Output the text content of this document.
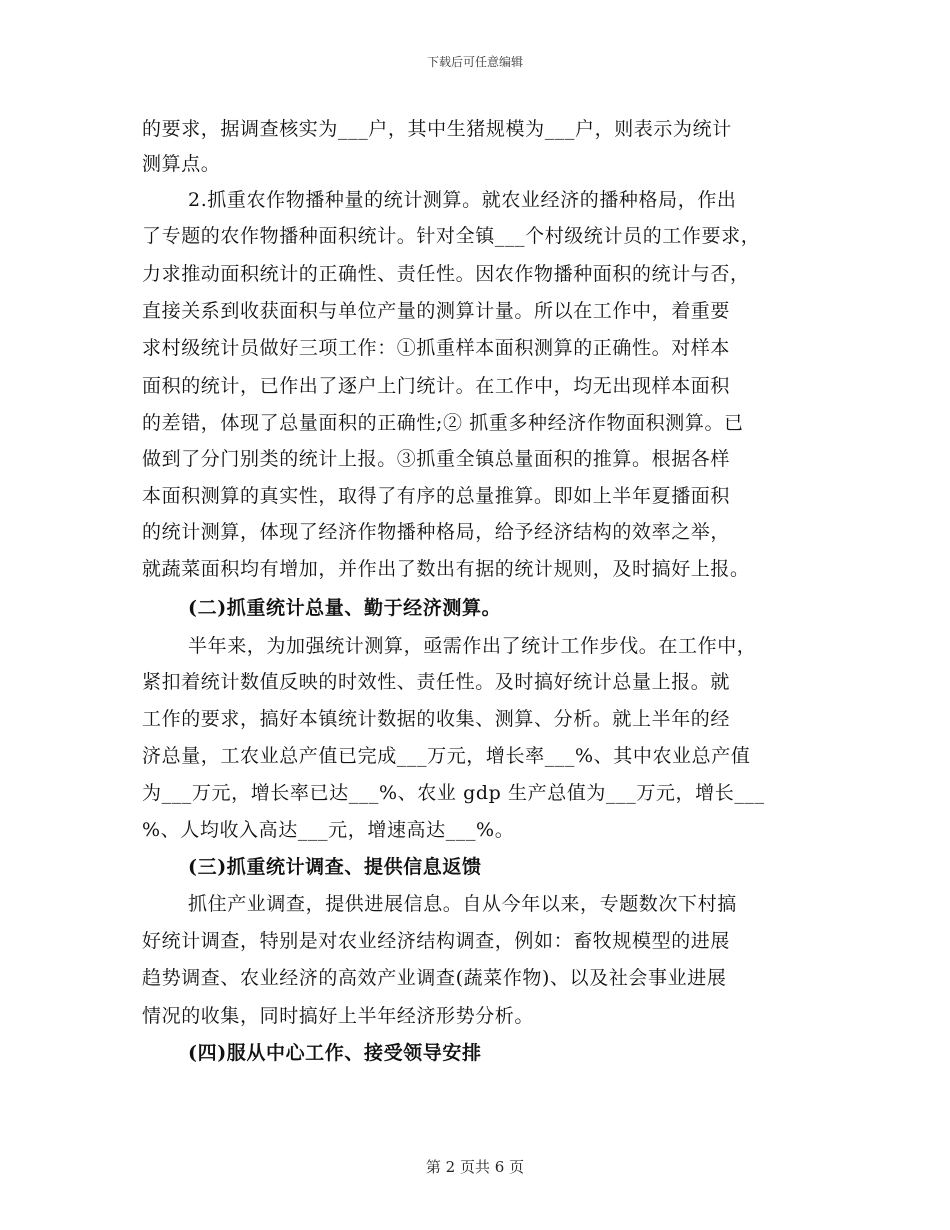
下载后可任意编辑
的要求，据调查核实为___户，其中生猪规模为___户，则表示为统计
测算点。
2.抓重农作物播种量的统计测算。就农业经济的播种格局，作出
了专题的农作物播种面积统计。针对全镇___个村级统计员的工作要求，
力求推动面积统计的正确性、责任性。因农作物播种面积的统计与否，
直接关系到收获面积与单位产量的测算计量。所以在工作中，着重要
求村级统计员做好三项工作：①抓重样本面积测算的正确性。对样本
面积的统计，已作出了逐户上门统计。在工作中，均无出现样本面积
的差错，体现了总量面积的正确性;② 抓重多种经济作物面积测算。已
做到了分门别类的统计上报。③抓重全镇总量面积的推算。根据各样
本面积测算的真实性，取得了有序的总量推算。即如上半年夏播面积
的统计测算，体现了经济作物播种格局，给予经济结构的效率之举，
就蔬菜面积均有增加，并作出了数出有据的统计规则，及时搞好上报。
(二)抓重统计总量、勤于经济测算。
半年来，为加强统计测算，亟需作出了统计工作步伐。在工作中，
紧扣着统计数值反映的时效性、责任性。及时搞好统计总量上报。就
工作的要求，搞好本镇统计数据的收集、测算、分析。就上半年的经
济总量，工农业总产值已完成___万元，增长率___%、其中农业总产值
为___万元，增长率已达___%、农业 gdp 生产总值为___万元，增长___
%、人均收入高达___元，增速高达___%。
(三)抓重统计调查、提供信息返馈
抓住产业调查，提供进展信息。自从今年以来，专题数次下村搞
好统计调查，特别是对农业经济结构调查，例如：畜牧规模型的进展
趋势调查、农业经济的高效产业调查(蔬菜作物)、以及社会事业进展
情况的收集，同时搞好上半年经济形势分析。
(四)服从中心工作、接受领导安排
第 2 页共 6 页
